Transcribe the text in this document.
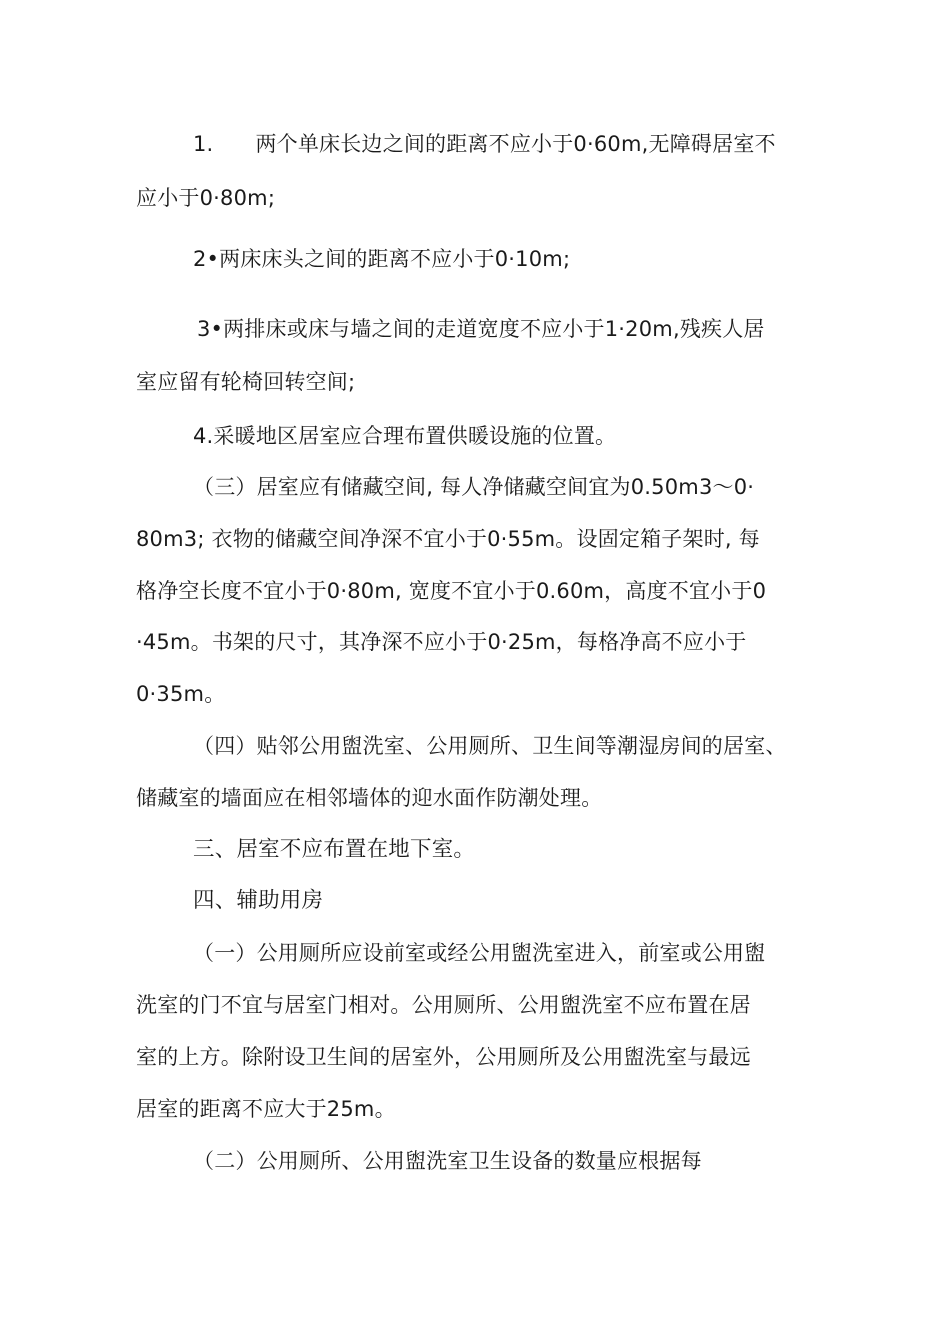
1. 两个单床长边之间的距离不应小于0·60m,无障碍居室不

应小于0·80m;

2•两床床头之间的距离不应小于0·10m;

3•两排床或床与墙之间的走道宽度不应小于1·20m,残疾人居

室应留有轮椅回转空间;

4.采暖地区居室应合理布置供暖设施的位置。

（三）居室应有储藏空间, 每人净储藏空间宜为0.50m3〜0·

80m3; 衣物的储藏空间净深不宜小于0·55m。设固定箱子架时, 每

格净空长度不宜小于0·80m, 宽度不宜小于0.60m，高度不宜小于0

·45m。书架的尺寸，其净深不应小于0·25m，每格净高不应小于

0·35m。

（四）贴邻公用盥洗室、公用厕所、卫生间等潮湿房间的居室、

储藏室的墙面应在相邻墙体的迎水面作防潮处理。

三、居室不应布置在地下室。

四、辅助用房

（一）公用厕所应设前室或经公用盥洗室进入，前室或公用盥

洗室的门不宜与居室门相对。公用厕所、公用盥洗室不应布置在居

室的上方。除附设卫生间的居室外，公用厕所及公用盥洗室与最远

居室的距离不应大于25m。

（二）公用厕所、公用盥洗室卫生设备的数量应根据每
